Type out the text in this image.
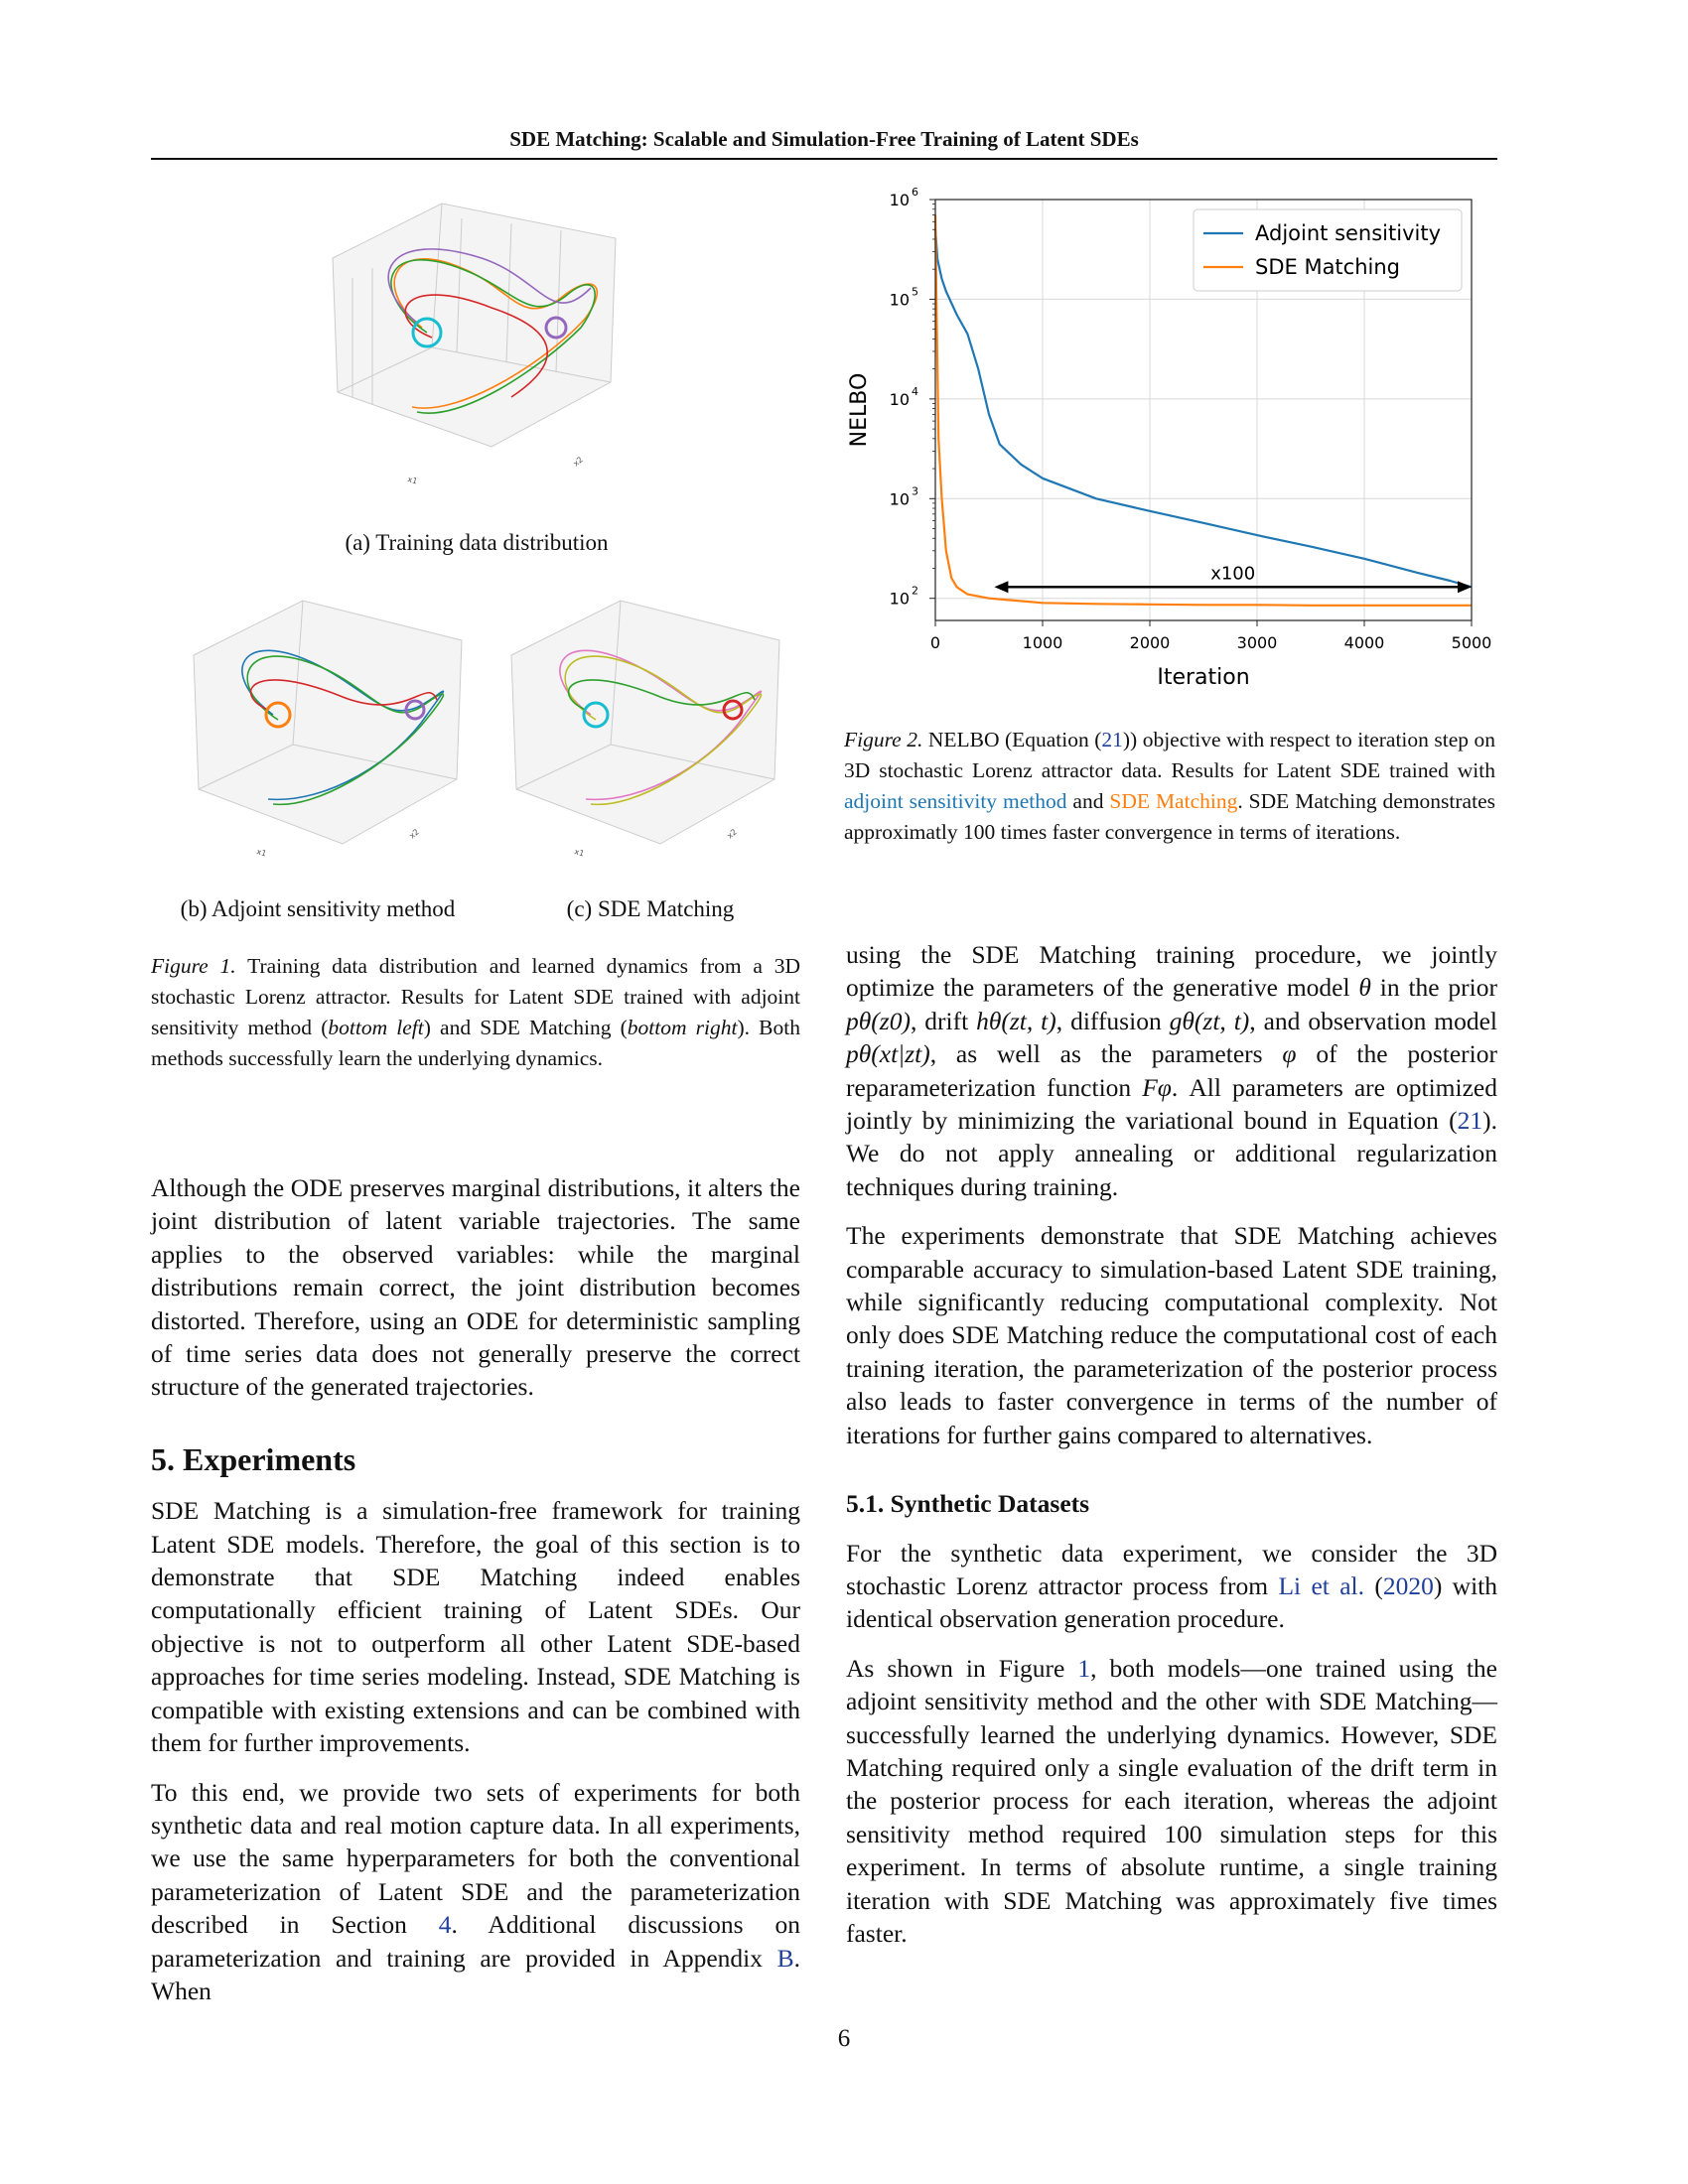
SDE Matching: Scalable and Simulation-Free Training of Latent SDEs
x1
x2
(a) Training data distribution
x1
x2
x1
x2
(b) Adjoint sensitivity method	(c) SDE Matching
Figure 1. Training data distribution and learned dynamics from a 3D stochastic Lorenz attractor. Results for Latent SDE trained with adjoint sensitivity method (bottom left) and SDE Matching (bottom right). Both methods successfully learn the underlying dynamics.
0	1000	2000	3000	4000	5000
10 2
10 3
10 4
10 5
10 6
x100
Iteration
NELBO
Adjoint sensitivity
SDE Matching
Figure 2. NELBO (Equation (21)) objective with respect to iteration step on 3D stochastic Lorenz attractor data. Results for Latent SDE trained with adjoint sensitivity method and SDE Matching. SDE Matching demonstrates approximatly 100 times faster convergence in terms of iterations.

Although the ODE preserves marginal distributions, it alters the joint distribution of latent variable trajectories. The same applies to the observed variables: while the marginal distributions remain correct, the joint distribution becomes distorted. Therefore, using an ODE for deterministic sampling of time series data does not generally preserve the correct structure of the generated trajectories.

5. Experiments

SDE Matching is a simulation-free framework for training Latent SDE models. Therefore, the goal of this section is to demonstrate that SDE Matching indeed enables computationally efficient training of Latent SDEs. Our objective is not to outperform all other Latent SDE-based approaches for time series modeling. Instead, SDE Matching is compatible with existing extensions and can be combined with them for further improvements.

To this end, we provide two sets of experiments for both synthetic data and real motion capture data. In all experiments, we use the same hyperparameters for both the conventional parameterization of Latent SDE and the parameterization described in Section 4. Additional discussions on parameterization and training are provided in Appendix B. When

using the SDE Matching training procedure, we jointly optimize the parameters of the generative model θ in the prior pθ(z0), drift hθ(zt, t), diffusion gθ(zt, t), and observation model pθ(xt|zt), as well as the parameters φ of the posterior reparameterization function Fφ. All parameters are optimized jointly by minimizing the variational bound in Equation (21). We do not apply annealing or additional regularization techniques during training.

The experiments demonstrate that SDE Matching achieves comparable accuracy to simulation-based Latent SDE training, while significantly reducing computational complexity. Not only does SDE Matching reduce the computational cost of each training iteration, the parameterization of the posterior process also leads to faster convergence in terms of the number of iterations for further gains compared to alternatives.

5.1. Synthetic Datasets

For the synthetic data experiment, we consider the 3D stochastic Lorenz attractor process from Li et al. (2020) with identical observation generation procedure.

As shown in Figure 1, both models—one trained using the adjoint sensitivity method and the other with SDE Matching—successfully learned the underlying dynamics. However, SDE Matching required only a single evaluation of the drift term in the posterior process for each iteration, whereas the adjoint sensitivity method required 100 simulation steps for this experiment. In terms of absolute runtime, a single training iteration with SDE Matching was approximately five times faster.

6
